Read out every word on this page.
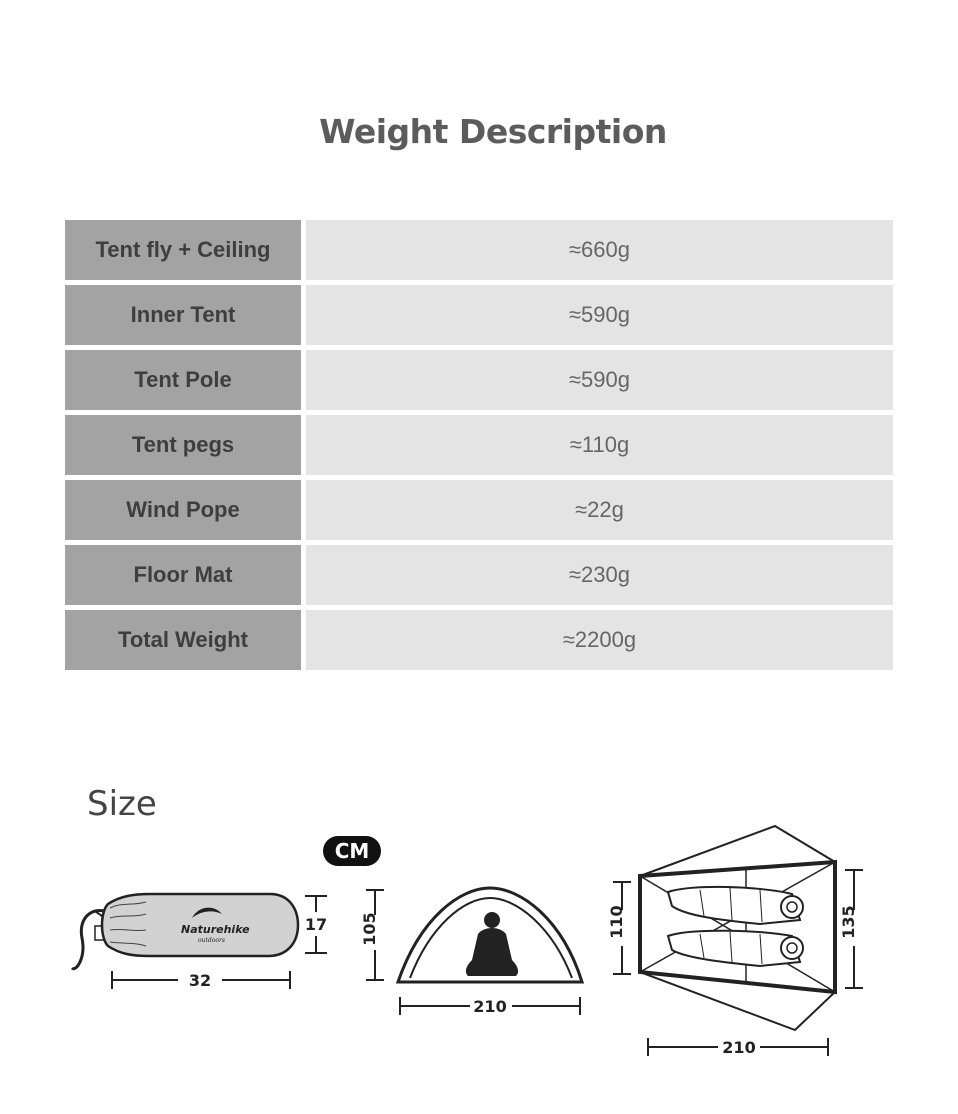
Weight Description
Tent fly + Ceiling	≈660g
Inner Tent	≈590g
Tent Pole	≈590g
Tent pegs	≈110g
Wind Pope	≈22g
Floor Mat	≈230g
Total Weight	≈2200g
Size
CM
Naturehike
outdoors
32
17 105
210
110	135
210
